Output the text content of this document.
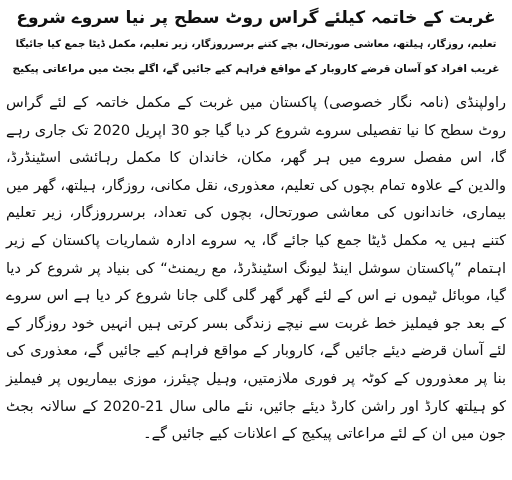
غربت کے خاتمہ کیلئے گراس روٹ سطح پر نیا سروے شروع

تعلیم، روزگار، ہیلتھ، معاشی صورتحال، بچے کتنے برسرروزگار، زیر تعلیم، مکمل ڈیٹا جمع کیا جائیگا

غریب افراد کو آسان قرضے کاروبار کے مواقع فراہم کیے جائیں گے، اگلے بجٹ میں مراعاتی پیکیج

راولپنڈی (نامہ نگار خصوصی) پاکستان میں غربت کے مکمل خاتمہ کے لئے گراس روٹ سطح کا نیا تفصیلی سروے شروع کر دیا گیا جو 30 اپریل 2020 تک جاری رہے گا، اس مفصل سروے میں ہر گھر، مکان، خاندان کا مکمل رہائشی اسٹینڈرڈ، والدین کے علاوہ تمام بچوں کی تعلیم، معذوری، نقل مکانی، روزگار، ہیلتھ، گھر میں بیماری، خاندانوں کی معاشی صورتحال، بچوں کی تعداد، برسرروزگار، زیر تعلیم کتنے ہیں یہ مکمل ڈیٹا جمع کیا جائے گا، یہ سروے ادارہ شماریات پاکستان کے زیر اہتمام ”پاکستان سوشل اینڈ لیونگ اسٹینڈرڈ، مع ریمنٹ“ کی بنیاد پر شروع کر دیا گیا، موبائل ٹیموں نے اس کے لئے گھر گھر گلی گلی جانا شروع کر دیا ہے اس سروے کے بعد جو فیملیز خط غربت سے نیچے زندگی بسر کرتی ہیں انہیں خود روزگار کے لئے آسان قرضے دیئے جائیں گے، کاروبار کے مواقع فراہم کیے جائیں گے، معذوری کی بنا پر معذوروں کے کوٹہ پر فوری ملازمتیں، وہیل چیئرز، موزی بیماریوں پر فیملیز کو ہیلتھ کارڈ اور راشن کارڈ دیئے جائیں، نئے مالی سال 21-2020 کے سالانہ بجٹ جون میں ان کے لئے مراعاتی پیکیج کے اعلانات کیے جائیں گے۔
